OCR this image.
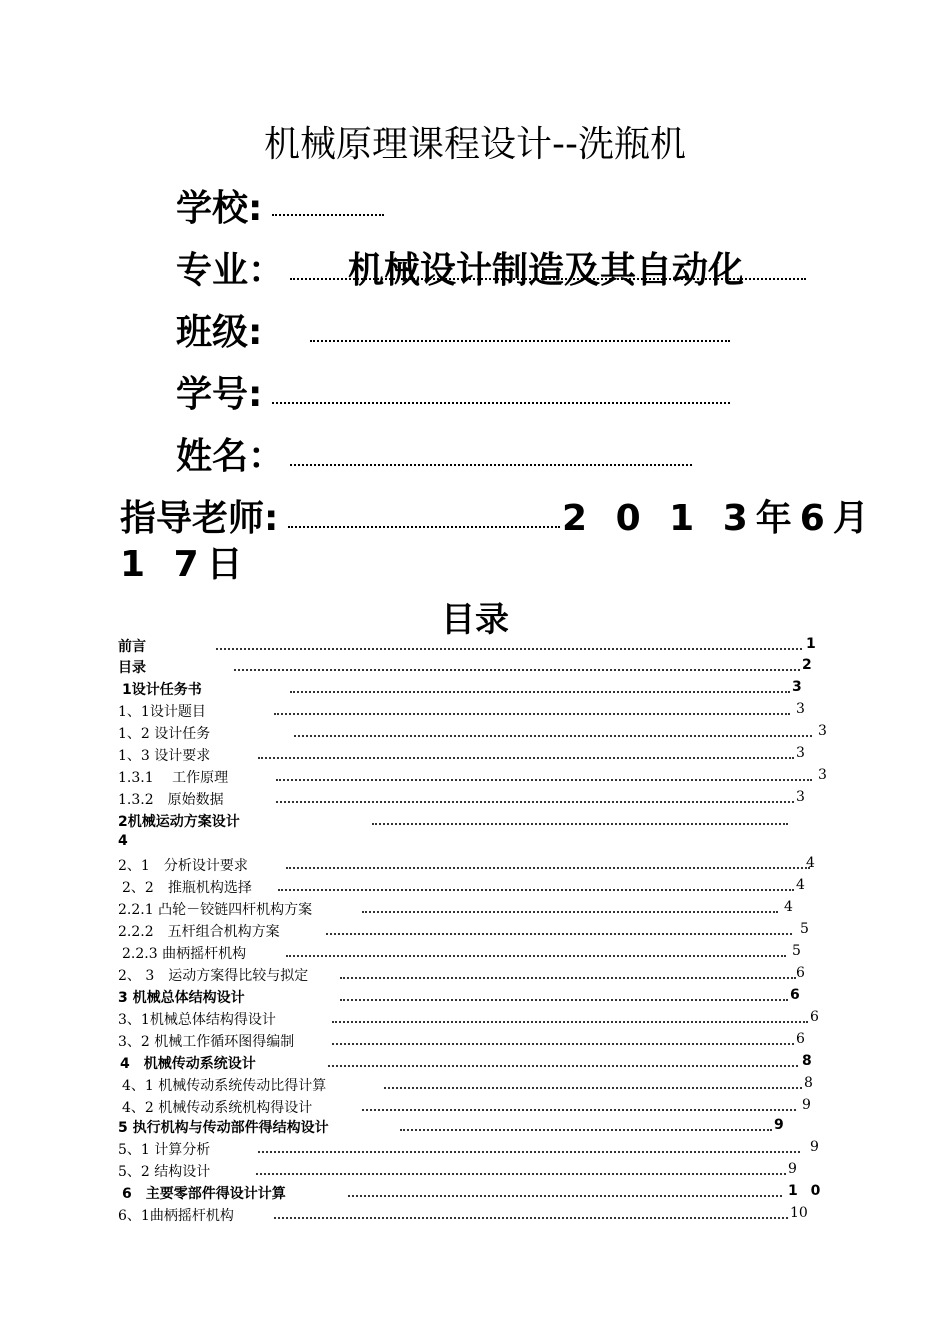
机械原理课程设计--洗瓶机
学校:
专业： 机械设计制造及其自动化
班级:
学号:
姓名：
指导老师:	2 0 1 3年6月
1 7日
目录
前言	1
目录	2
1设计任务书	3
1、1设计题目	3
1、2 设计任务	3
1、3 设计要求	3
1.3.1　 工作原理	3
1.3.2　原始数据	3
2机械运动方案设计
4
2、1　分析设计要求	4
2、2　推瓶机构选择	4
2.2.1 凸轮－铰链四杆机构方案	4
2.2.2　五杆组合机构方案	5
2.2.3 曲柄摇杆机构	5
2、 3　运动方案得比较与拟定	6
3 机械总体结构设计	6
3、1机械总体结构得设计	6
3、2 机械工作循环图得编制	6
4　机械传动系统设计	8
4、1 机械传动系统传动比得计算	8
4、2 机械传动系统机构得设计	9
5 执行机构与传动部件得结构设计	9
5、1 计算分析	9
5、2 结构设计	9
6　主要零部件得设计计算	1 0
6、1曲柄摇杆机构	10
